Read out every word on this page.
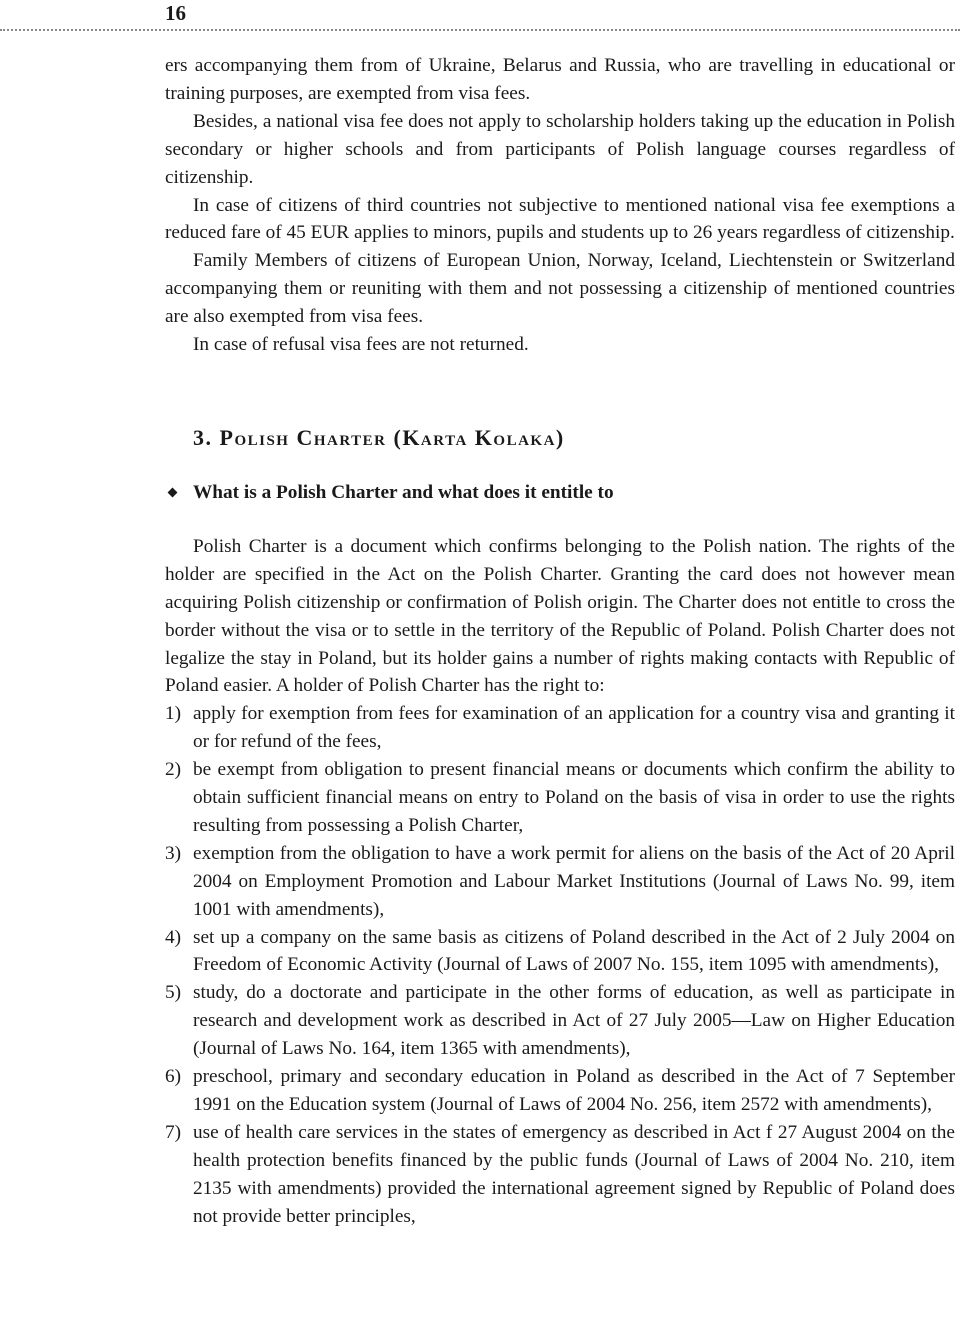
16

ers accompanying them from of Ukraine, Belarus and Russia, who are travelling in educational or training purposes, are exempted from visa fees.

Besides, a national visa fee does not apply to scholarship holders taking up the education in Polish secondary or higher schools and from participants of Polish language courses regardless of citizenship.

In case of citizens of third countries not subjective to mentioned national visa fee exemptions a reduced fare of 45 EUR applies to minors, pupils and students up to 26 years regardless of citizenship.

Family Members of citizens of European Union, Norway, Iceland, Liechtenstein or Switzerland accompanying them or reuniting with them and not possessing a citizenship of mentioned countries are also exempted from visa fees.

In case of refusal visa fees are not returned.

3. Polish Charter (Karta Kolaka)
What is a Polish Charter and what does it entitle to

Polish Charter is a document which confirms belonging to the Polish nation. The rights of the holder are specified in the Act on the Polish Charter. Granting the card does not however mean acquiring Polish citizenship or confirmation of Polish origin. The Charter does not entitle to cross the border without the visa or to settle in the territory of the Republic of Poland. Polish Charter does not legalize the stay in Poland, but its holder gains a number of rights making contacts with Republic of Poland easier. A holder of Polish Charter has the right to:

1) apply for exemption from fees for examination of an application for a country visa and granting it or for refund of the fees,
2) be exempt from obligation to present financial means or documents which confirm the ability to obtain sufficient financial means on entry to Poland on the basis of visa in order to use the rights resulting from possessing a Polish Charter,
3) exemption from the obligation to have a work permit for aliens on the basis of the Act of 20 April 2004 on Employment Promotion and Labour Market Institutions (Journal of Laws No. 99, item 1001 with amendments),
4) set up a company on the same basis as citizens of Poland described in the Act of 2 July 2004 on Freedom of Economic Activity (Journal of Laws of 2007 No. 155, item 1095 with amendments),
5) study, do a doctorate and participate in the other forms of education, as well as participate in research and development work as described in Act of 27 July 2005—Law on Higher Education (Journal of Laws No. 164, item 1365 with amendments),
6) preschool, primary and secondary education in Poland as described in the Act of 7 September 1991 on the Education system (Journal of Laws of 2004 No. 256, item 2572 with amendments),
7) use of health care services in the states of emergency as described in Act f 27 August 2004 on the health protection benefits financed by the public funds (Journal of Laws of 2004 No. 210, item 2135 with amendments) provided the international agreement signed by Republic of Poland does not provide better principles,
